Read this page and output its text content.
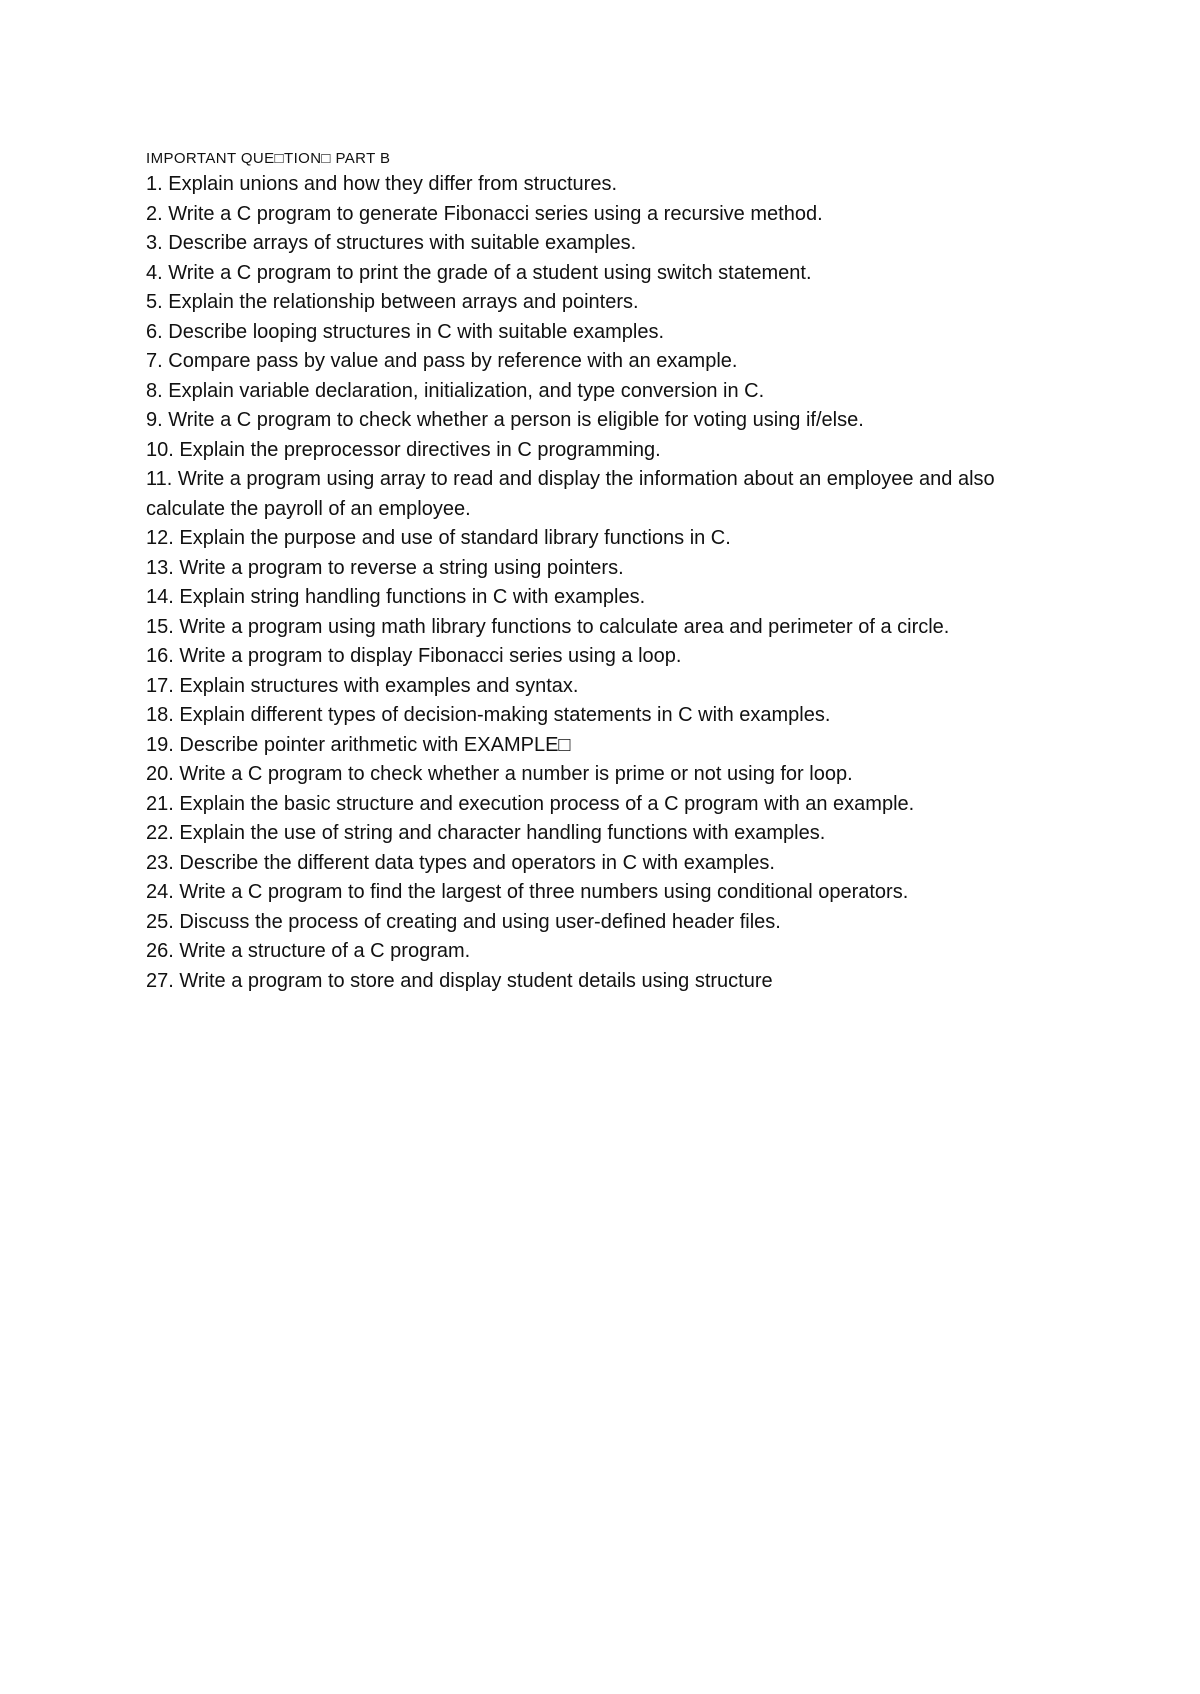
IMPORTANT QUE□TION□ PART B
1. Explain unions and how they differ from structures.
2. Write a C program to generate Fibonacci series using a recursive method.
3. Describe arrays of structures with suitable examples.
4. Write a C program to print the grade of a student using switch statement.
5. Explain the relationship between arrays and pointers.
6. Describe looping structures in C with suitable examples.
7. Compare pass by value and pass by reference with an example.
8. Explain variable declaration, initialization, and type conversion in C.
9. Write a C program to check whether a person is eligible for voting using if/else.
10. Explain the preprocessor directives in C programming.
11. Write a program using array to read and display the information about an employee and also calculate the payroll of an employee.
12. Explain the purpose and use of standard library functions in C.
13. Write a program to reverse a string using pointers.
14. Explain string handling functions in C with examples.
15. Write a program using math library functions to calculate area and perimeter of a circle.
16. Write a program to display Fibonacci series using a loop.
17. Explain structures with examples and syntax.
18. Explain different types of decision-making statements in C with examples.
19. Describe pointer arithmetic with EXAMPLE□
20. Write a C program to check whether a number is prime or not using for loop.
21. Explain the basic structure and execution process of a C program with an example.
22. Explain the use of string and character handling functions with examples.
23. Describe the different data types and operators in C with examples.
24. Write a C program to find the largest of three numbers using conditional operators.
25. Discuss the process of creating and using user-defined header files.
26. Write a structure of a C program.
27. Write a program to store and display student details using structure
